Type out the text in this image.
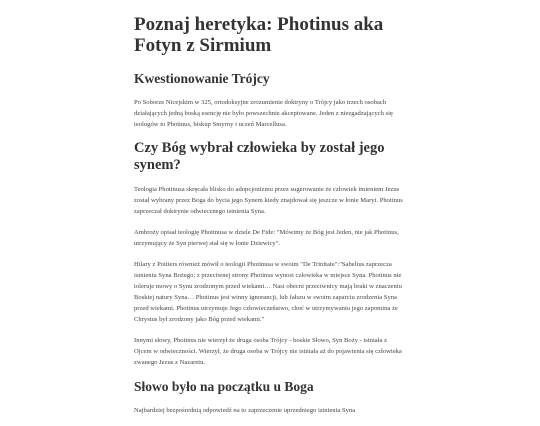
Poznaj heretyka: Photinus aka Fotyn z Sirmium
Kwestionowanie Trójcy

Po Soborze Nicejskim w 325, ortodoksyjne zrozumienie doktryny o Trójcy jako trzech osobach działających jedną boską esencję nie było powszechnie akceptowane. Jeden z niezgadzających się teologów to Photinus, biskup Smyrny i uczeń Marcellusa.

Czy Bóg wybrał człowieka by został jego synem?

Teologia Photinusa skręcała blisko do adopcjonizmu przez sugerowanie że człowiek imieniem Jezus został wybrany przez Boga do bycia jego Synem kiedy znajdował się jeszcze w łonie Maryi. Photinus zaprzeczał doktrynie odwiecznego istnienia Syna.

Ambroży opisał teologię Photinusa w dziele De Fide: "Mówimy że Bóg jest Jeden, nie jak Photinus, utrzymujący że Syn pierwej stał się w łonie Dziewicy".

Hilary z Poitiers również mówił o teologii Photinusa w swoim "De Trinitate":"Sabelius zaprzecza istnieniu Syna Bożego; z przeciwnej strony Photinus wynosi człowieka w miejsce Syna. Photinus nie toleruje mowy o Synu zrodzonym przed wiekami… Nasi obecni przeciwnicy mają braki w znaczeniu Boskiej natury Syna… Photinus jest winny ignorancji, lub fałszu w swoim zaparciu zrodzenia Syna przed wiekami. Photinus utrzymuje Jego człowieczeństwo, choć w utrzymywaniu jego zapomina że Chrystus był zrodzony jako Bóg przed wiekami."

Innymi słowy, Photinus nie wierzył że druga osoba Trójcy - boskie Słowo, Syn Boży - istniała z Ojcem w odwieczności. Wierzył, że druga osoba w Trójcy nie istniała aż do pojawienia się człowieka zwanego Jezus z Nazaretu.

Słowo było na początku u Boga

Najbardziej bezpośrednią odpowiedź na to zaprzeczenie uprzedniego istnienia Syna
